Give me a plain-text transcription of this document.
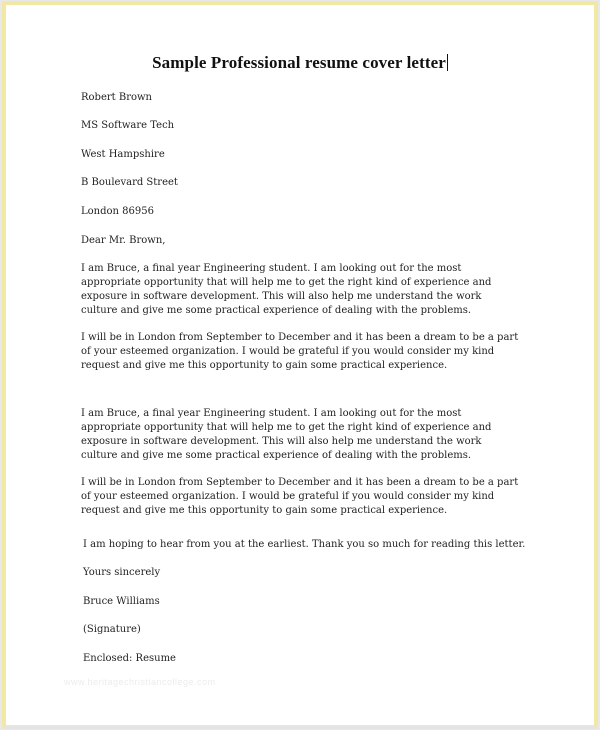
Sample Professional resume cover letter

Robert Brown

MS Software Tech

West Hampshire

B Boulevard Street

London 86956

Dear Mr. Brown,

I am Bruce, a final year Engineering student. I am looking out for the most appropriate opportunity that will help me to get the right kind of experience and exposure in software development. This will also help me understand the work culture and give me some practical experience of dealing with the problems.

I will be in London from September to December and it has been a dream to be a part of your esteemed organization. I would be grateful if you would consider my kind request and give me this opportunity to gain some practical experience.

I am Bruce, a final year Engineering student. I am looking out for the most appropriate opportunity that will help me to get the right kind of experience and exposure in software development. This will also help me understand the work culture and give me some practical experience of dealing with the problems.

I will be in London from September to December and it has been a dream to be a part of your esteemed organization. I would be grateful if you would consider my kind request and give me this opportunity to gain some practical experience.

I am hoping to hear from you at the earliest. Thank you so much for reading this letter.

Yours sincerely

Bruce Williams

(Signature)

Enclosed: Resume

www.heritagechristiancollege.com
